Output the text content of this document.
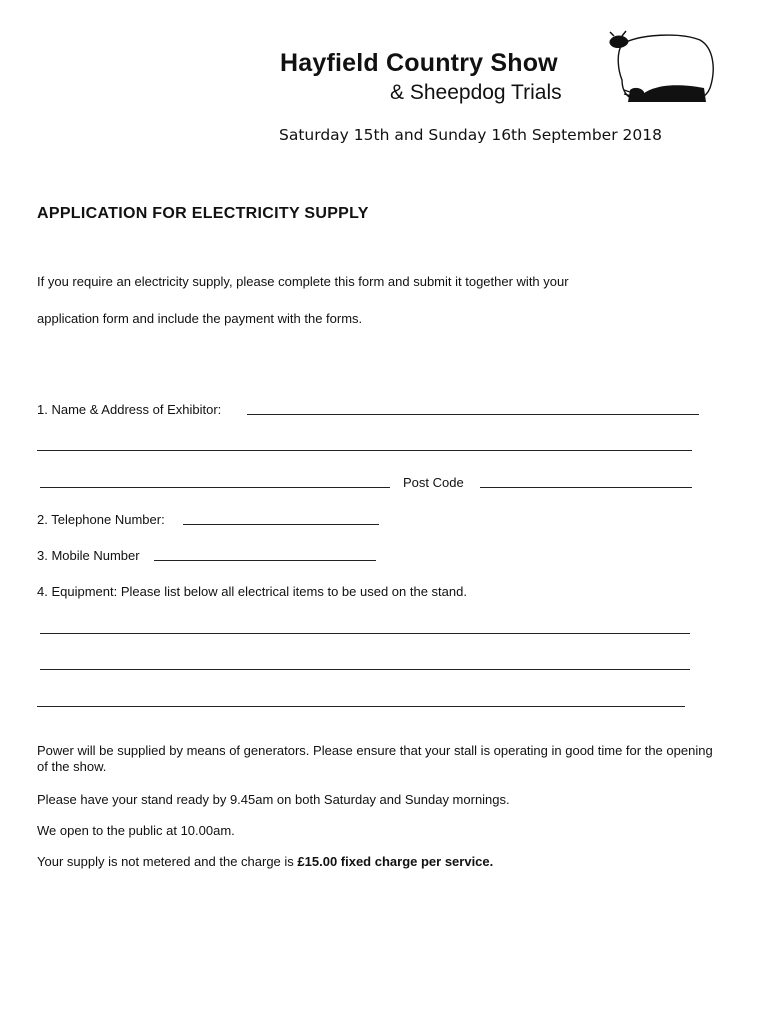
Hayfield Country Show
& Sheepdog Trials
Saturday 15th and Sunday 16th September 2018
APPLICATION FOR ELECTRICITY SUPPLY
If you require an electricity supply, please complete this form and submit it together with your
application form and include the payment with the forms.
1. Name & Address of Exhibitor:
Post Code
2. Telephone Number:
3. Mobile Number
4. Equipment: Please list below all electrical items to be used on the stand.
Power will be supplied by means of generators. Please ensure that your stall is operating in good time for the opening of the show.
Please have your stand ready by 9.45am on both Saturday and Sunday mornings.
We open to the public at 10.00am.
Your supply is not metered and the charge is £15.00 fixed charge per service.
